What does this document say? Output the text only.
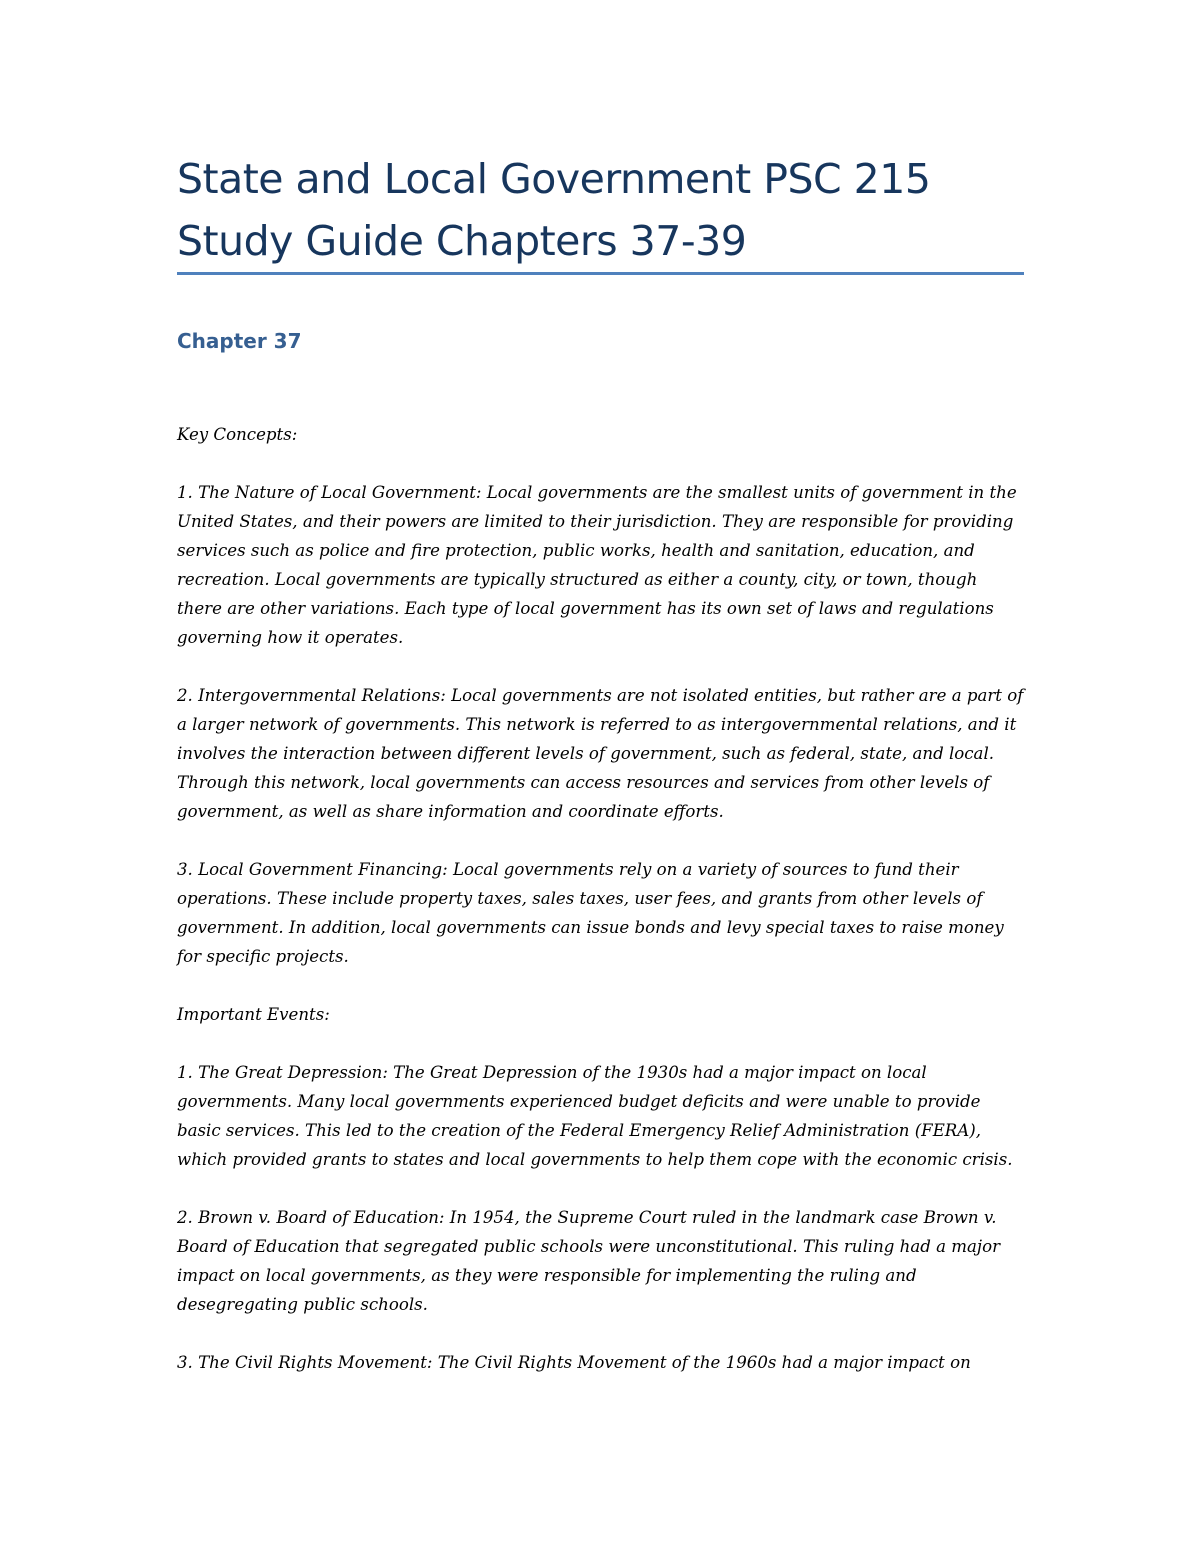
State and Local Government PSC 215
Study Guide Chapters 37-39
Chapter 37

Key Concepts:

1. The Nature of Local Government: Local governments are the smallest units of government in the United States, and their powers are limited to their jurisdiction. They are responsible for providing services such as police and fire protection, public works, health and sanitation, education, and recreation. Local governments are typically structured as either a county, city, or town, though there are other variations. Each type of local government has its own set of laws and regulations governing how it operates.

2. Intergovernmental Relations: Local governments are not isolated entities, but rather are a part of a larger network of governments. This network is referred to as intergovernmental relations, and it involves the interaction between different levels of government, such as federal, state, and local. Through this network, local governments can access resources and services from other levels of government, as well as share information and coordinate efforts.

3. Local Government Financing: Local governments rely on a variety of sources to fund their operations. These include property taxes, sales taxes, user fees, and grants from other levels of government. In addition, local governments can issue bonds and levy special taxes to raise money for specific projects.

Important Events:

1. The Great Depression: The Great Depression of the 1930s had a major impact on local governments. Many local governments experienced budget deficits and were unable to provide basic services. This led to the creation of the Federal Emergency Relief Administration (FERA), which provided grants to states and local governments to help them cope with the economic crisis.

2. Brown v. Board of Education: In 1954, the Supreme Court ruled in the landmark case Brown v. Board of Education that segregated public schools were unconstitutional. This ruling had a major impact on local governments, as they were responsible for implementing the ruling and desegregating public schools.

3. The Civil Rights Movement: The Civil Rights Movement of the 1960s had a major impact on
